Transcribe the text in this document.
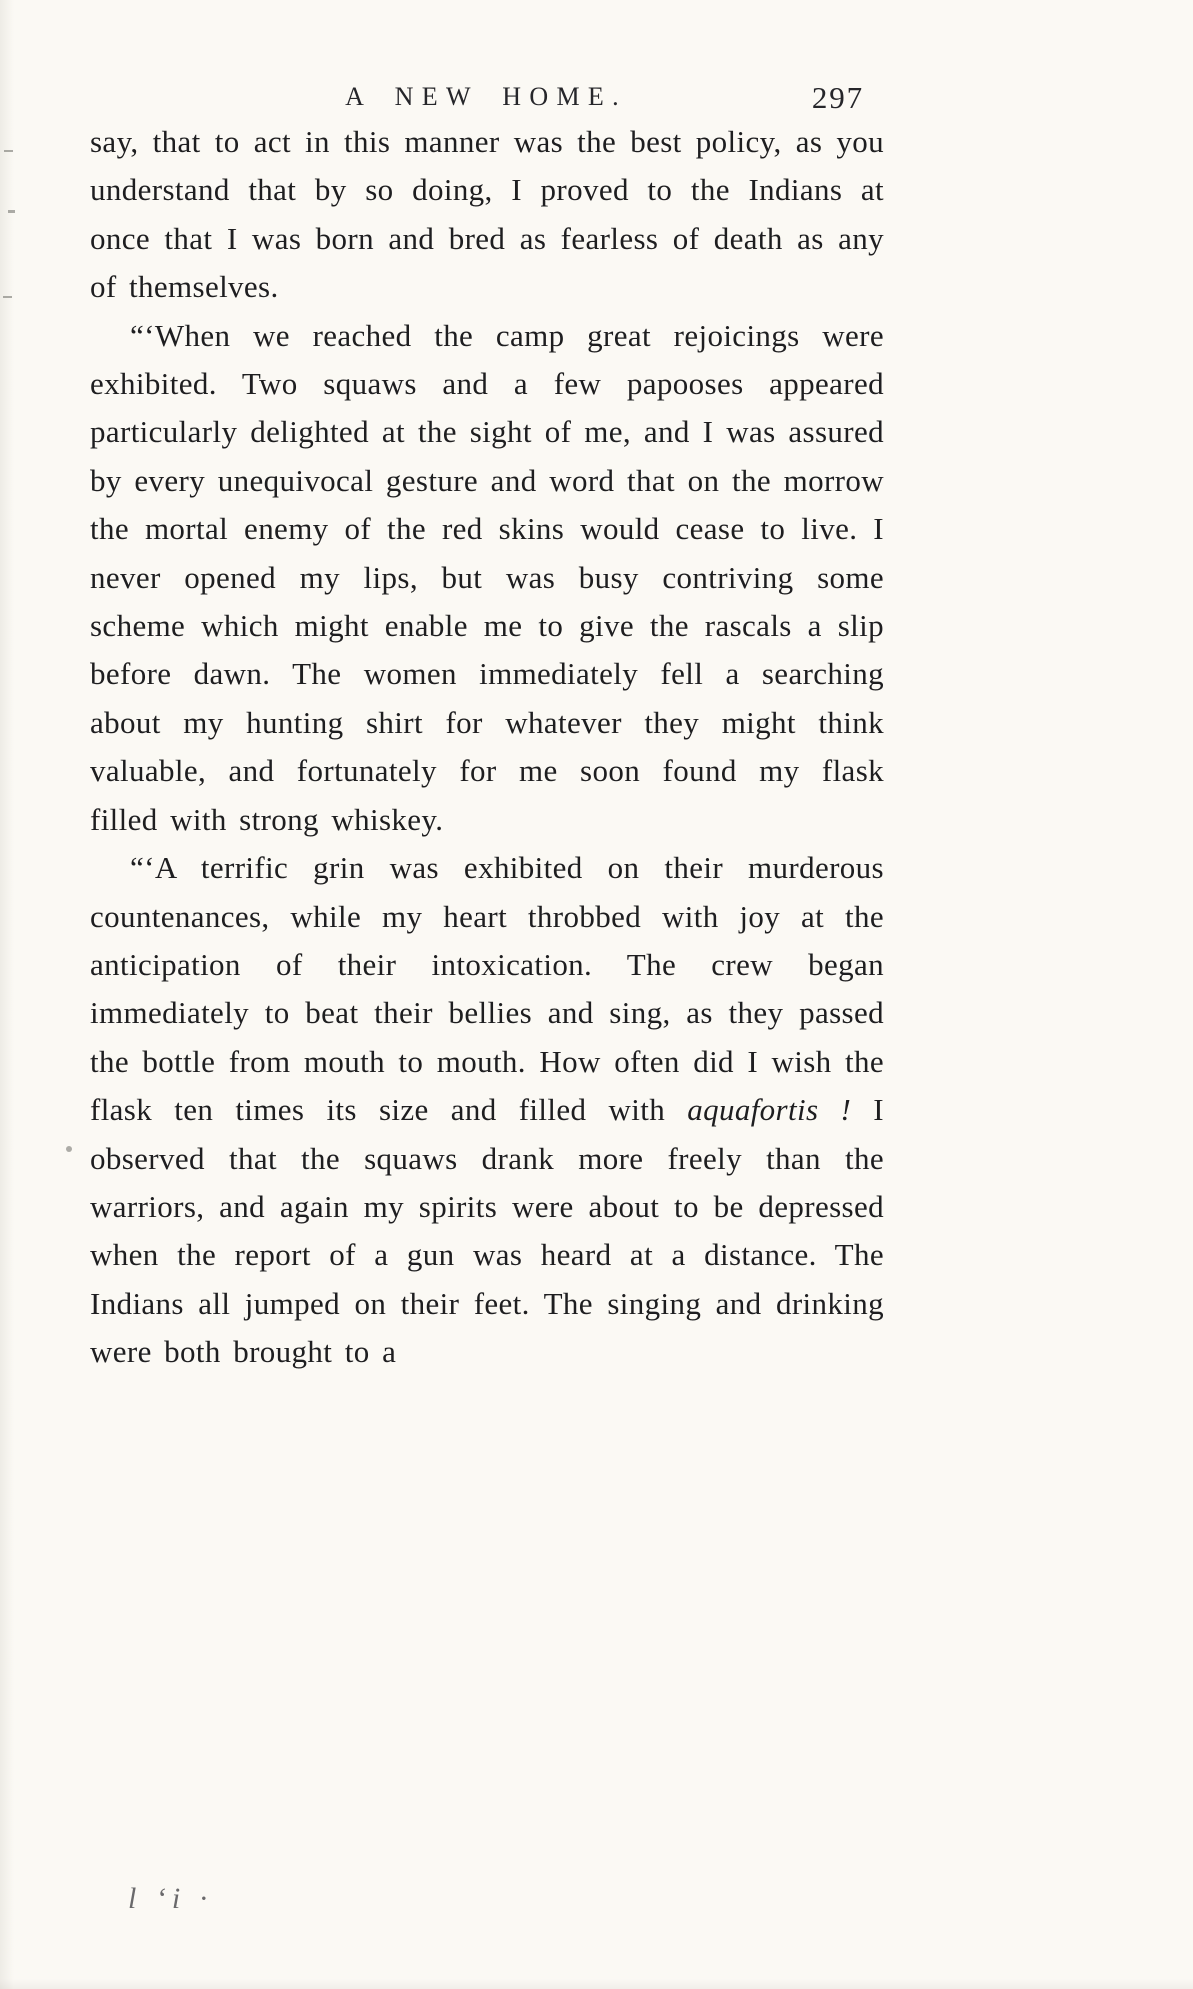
A NEW HOME.	297

say, that to act in this manner was the best policy, as you understand that by so doing, I proved to the Indians at once that I was born and bred as fearless of death as any of themselves.

“‘When we reached the camp great rejoicings were exhibited. Two squaws and a few papooses appeared particularly delighted at the sight of me, and I was assured by every unequivocal gesture and word that on the morrow the mortal enemy of the red skins would cease to live. I never opened my lips, but was busy contriving some scheme which might enable me to give the rascals a slip before dawn. The women immediately fell a searching about my hunting shirt for whatever they might think valuable, and fortunately for me soon found my flask filled with strong whiskey.

“‘A terrific grin was exhibited on their murderous countenances, while my heart throbbed with joy at the anticipation of their intoxication. The crew began immediately to beat their bellies and sing, as they passed the bottle from mouth to mouth. How often did I wish the flask ten times its size and filled with aquafortis ! I observed that the squaws drank more freely than the warriors, and again my spirits were about to be depressed when the report of a gun was heard at a distance. The Indians all jumped on their feet. The singing and drinking were both brought to a

l ʻi ·
